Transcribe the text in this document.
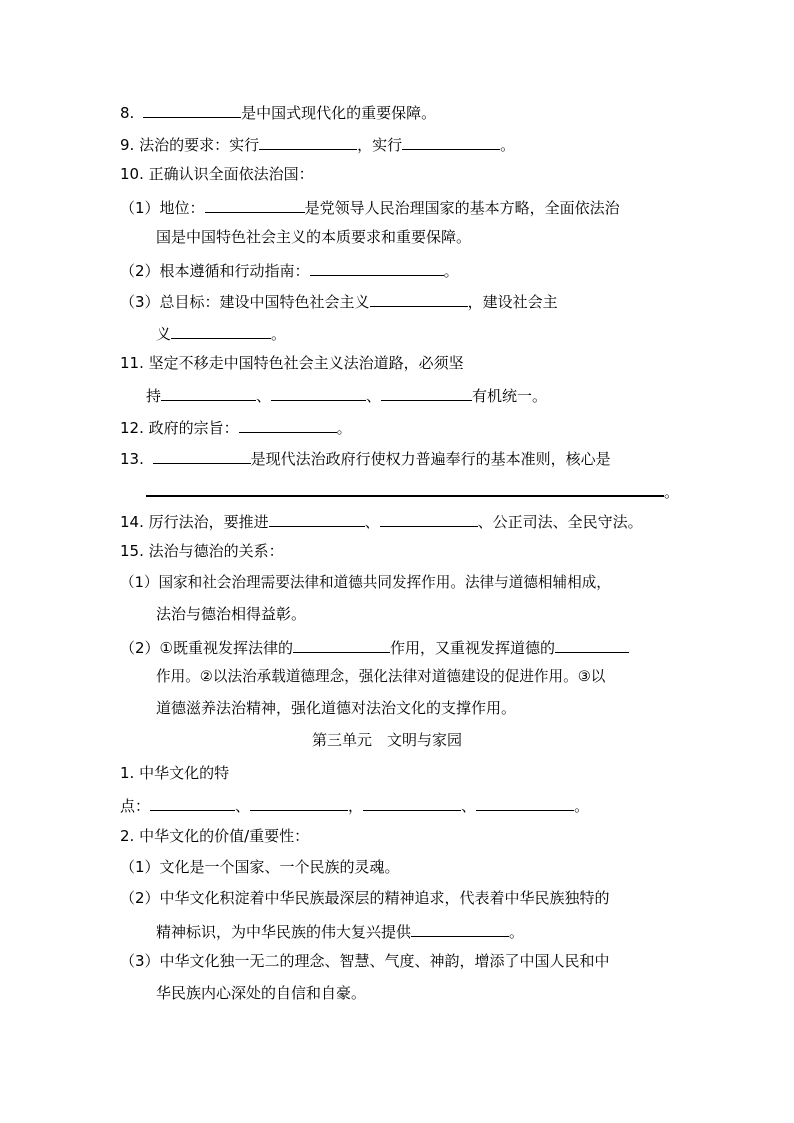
8.	是中国式现代化的重要保障。
9. 法治的要求：实行	，实行	。
10. 正确认识全面依法治国：
（1）地位：	是党领导人民治理国家的基本方略，全面依法治
国是中国特色社会主义的本质要求和重要保障。
（2）根本遵循和行动指南：	。
（3）总目标：建设中国特色社会主义	，建设社会主
义	。
11. 坚定不移走中国特色社会主义法治道路，必须坚
持	、	、	有机统一。
12. 政府的宗旨：	。
13.	是现代法治政府行使权力普遍奉行的基本准则，核心是
。
14. 厉行法治，要推进	、	、公正司法、全民守法。
15. 法治与德治的关系：
（1）国家和社会治理需要法律和道德共同发挥作用。法律与道德相辅相成，
法治与德治相得益彰。
（2）①既重视发挥法律的	作用，又重视发挥道德的
作用。②以法治承载道德理念，强化法律对道德建设的促进作用。③以
道德滋养法治精神，强化道德对法治文化的支撑作用。
第三单元　文明与家园
1. 中华文化的特
点：	、	，	、	。
2. 中华文化的价值/重要性：
（1）文化是一个国家、一个民族的灵魂。
（2）中华文化积淀着中华民族最深层的精神追求，代表着中华民族独特的
精神标识，为中华民族的伟大复兴提供	。
（3）中华文化独一无二的理念、智慧、气度、神韵，增添了中国人民和中
华民族内心深处的自信和自豪。
